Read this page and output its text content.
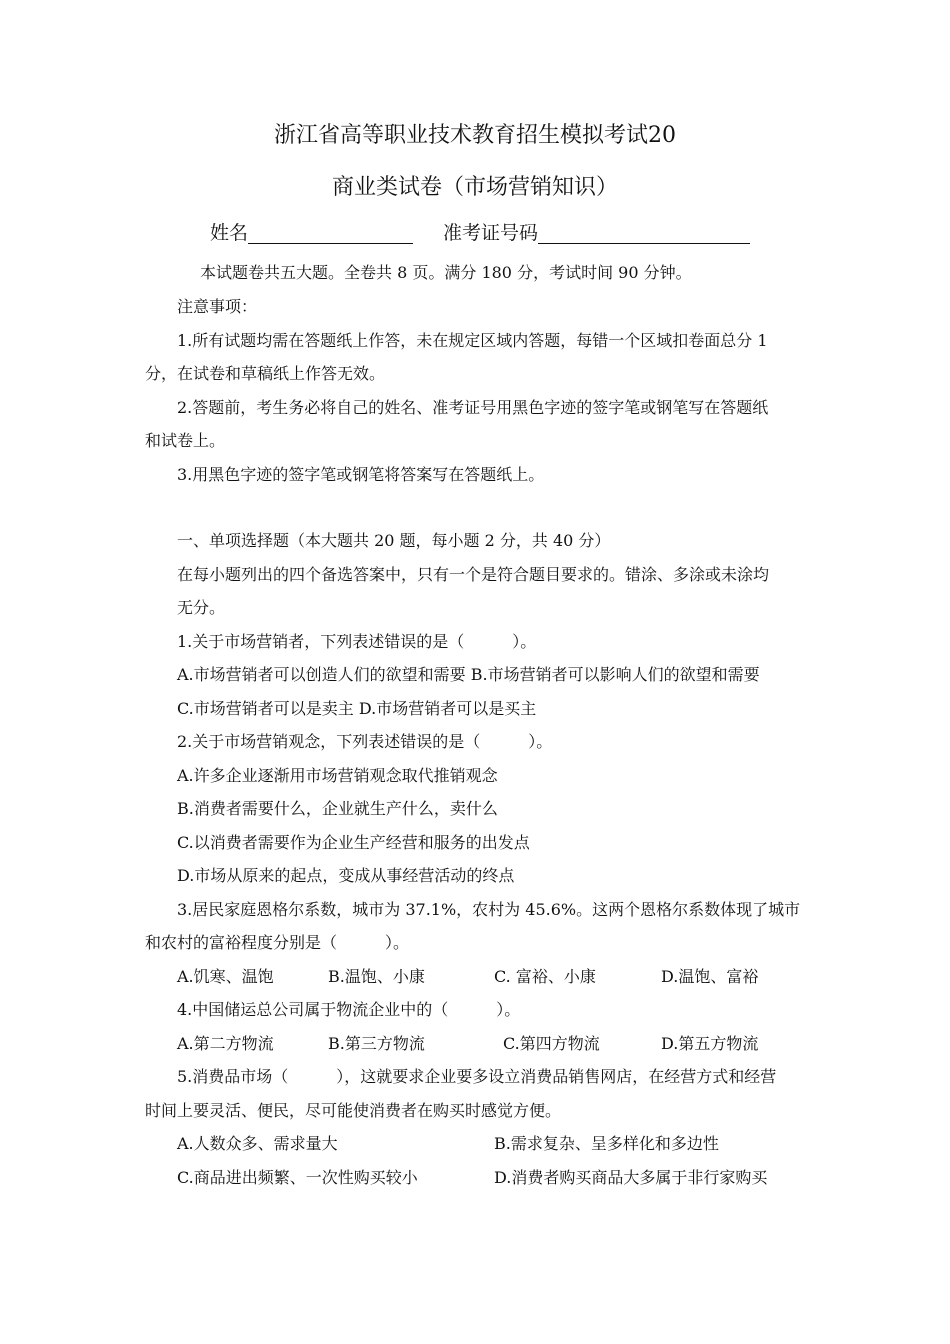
浙江省高等职业技术教育招生模拟考试20
商业类试卷（市场营销知识）
姓名	准考证号码
本试题卷共五大题。全卷共 8 页。满分 180 分，考试时间 90 分钟。
注意事项：
1.所有试题均需在答题纸上作答，未在规定区域内答题，每错一个区域扣卷面总分 1
分，在试卷和草稿纸上作答无效。
2.答题前，考生务必将自己的姓名、准考证号用黑色字迹的签字笔或钢笔写在答题纸
和试卷上。
3.用黑色字迹的签字笔或钢笔将答案写在答题纸上。
一、单项选择题（本大题共 20 题，每小题 2 分，共 40 分）
在每小题列出的四个备选答案中，只有一个是符合题目要求的。错涂、多涂或未涂均
无分。
1.关于市场营销者，下列表述错误的是（　　　）。
A.市场营销者可以创造人们的欲望和需要 B.市场营销者可以影响人们的欲望和需要
C.市场营销者可以是卖主 D.市场营销者可以是买主
2.关于市场营销观念，下列表述错误的是（　　　）。
A.许多企业逐渐用市场营销观念取代推销观念
B.消费者需要什么，企业就生产什么，卖什么
C.以消费者需要作为企业生产经营和服务的出发点
D.市场从原来的起点，变成从事经营活动的终点
3.居民家庭恩格尔系数，城市为 37.1%，农村为 45.6%。这两个恩格尔系数体现了城市
和农村的富裕程度分别是（　　　）。
A.饥寒、温饱	B.温饱、小康	C. 富裕、小康	D.温饱、富裕
4.中国储运总公司属于物流企业中的（　　　）。
A.第二方物流	B.第三方物流	C.第四方物流	D.第五方物流
5.消费品市场（　　　），这就要求企业要多设立消费品销售网店，在经营方式和经营
时间上要灵活、便民，尽可能使消费者在购买时感觉方便。
A.人数众多、需求量大	B.需求复杂、呈多样化和多边性
C.商品进出频繁、一次性购买较小	D.消费者购买商品大多属于非行家购买
